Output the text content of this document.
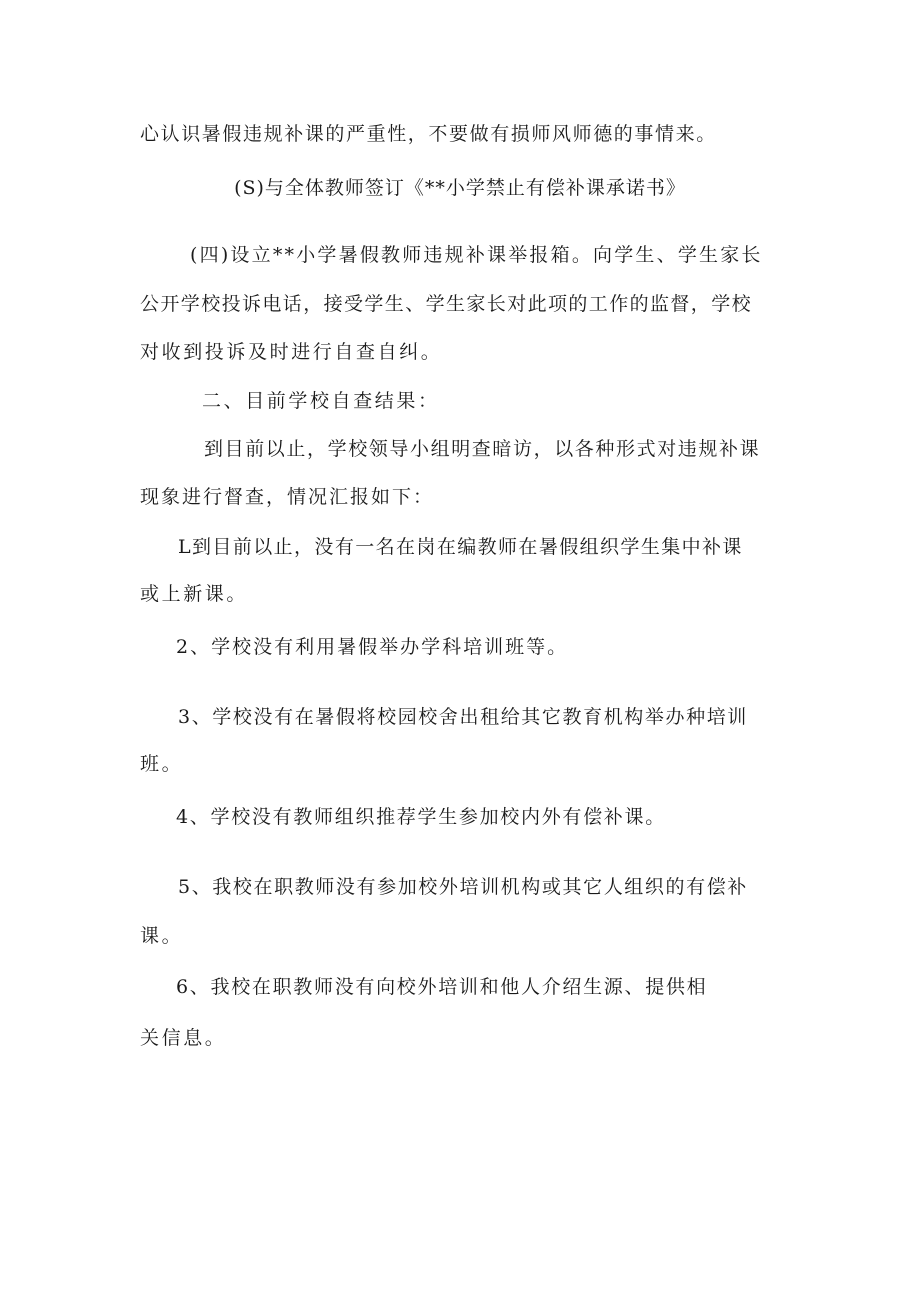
心认识暑假违规补课的严重性，不要做有损师风师德的事情来。
(S)与全体教师签订《**小学禁止有偿补课承诺书》
(四)设立**小学暑假教师违规补课举报箱。向学生、学生家长
公开学校投诉电话，接受学生、学生家长对此项的工作的监督，学校
对收到投诉及时进行自查自纠。
二、目前学校自查结果：
到目前以止，学校领导小组明查暗访，以各种形式对违规补课
现象进行督查，情况汇报如下：
L到目前以止，没有一名在岗在编教师在暑假组织学生集中补课
或上新课。
2、学校没有利用暑假举办学科培训班等。
3、学校没有在暑假将校园校舍出租给其它教育机构举办种培训
班。
4、学校没有教师组织推荐学生参加校内外有偿补课。
5、我校在职教师没有参加校外培训机构或其它人组织的有偿补
课。
6、我校在职教师没有向校外培训和他人介绍生源、提供相
关信息。
